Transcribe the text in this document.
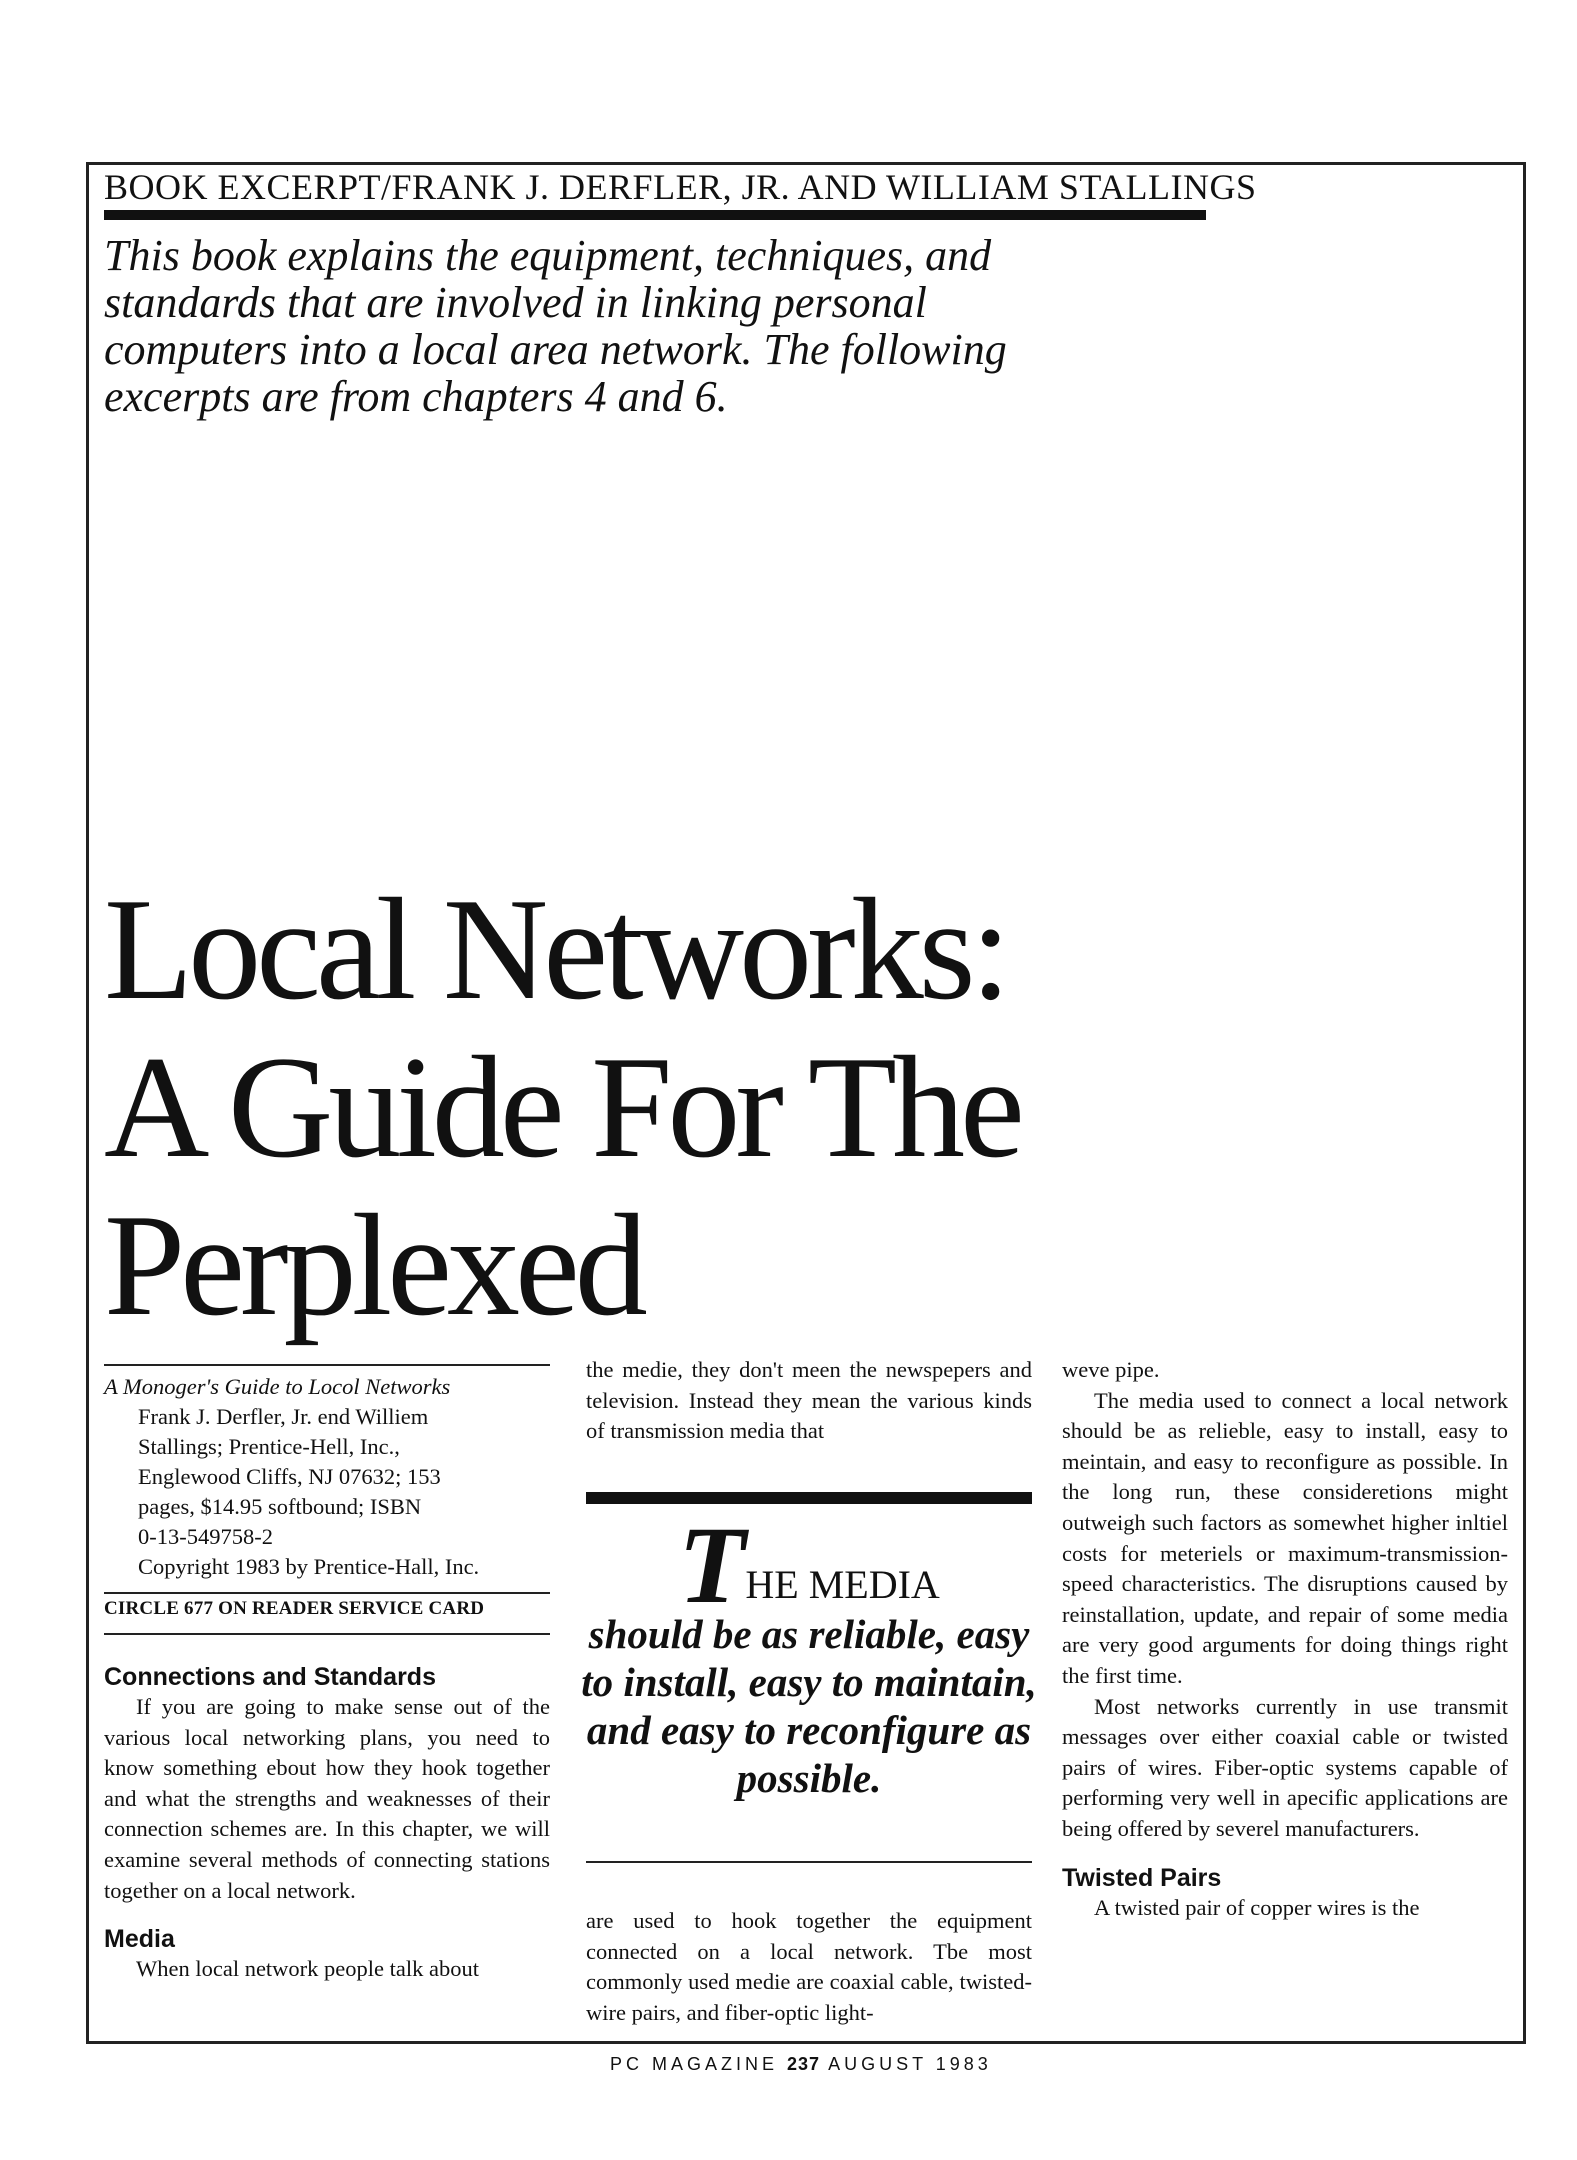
BOOK EXCERPT/FRANK J. DERFLER, JR. AND WILLIAM STALLINGS
This book explains the equipment, techniques, and standards that are involved in linking personal computers into a local area network. The following excerpts are from chapters 4 and 6.
Local Networks:
A Guide For The
Perplexed
A Monoger's Guide to Locol Networks
Frank J. Derfler, Jr. end Williem
Stallings; Prentice-Hell, Inc.,
Englewood Cliffs, NJ 07632; 153
pages, $14.95 softbound; ISBN
0-13-549758-2
Copyright 1983 by Prentice-Hall, Inc.
CIRCLE 677 ON READER SERVICE CARD

Connections and Standards

If you are going to make sense out of the various local networking plans, you need to know something ebout how they hook together and what the strengths and weaknesses of their connection schemes are. In this chapter, we will examine several methods of connecting stations together on a local network.

Media

When local network people talk about

the medie, they don't meen the newspepers and television. Instead they mean the various kinds of transmission media that

THE MEDIA
should be as reliable, easy to install, easy to maintain, and easy to reconfigure as possible.

are used to hook together the equipment connected on a local network. Tbe most commonly used medie are coaxial cable, twisted-wire pairs, and fiber-optic light-

weve pipe.

The media used to connect a local network should be as relieble, easy to install, easy to meintain, and easy to reconfigure as possible. In the long run, these consideretions might outweigh such factors as somewhet higher inltiel costs for meteriels or maximum-transmission-speed characteristics. The disruptions caused by reinstallation, update, and repair of some media are very good arguments for doing things right the first time.

Most networks currently in use transmit messages over either coaxial cable or twisted pairs of wires. Fiber-optic systems capable of performing very well in apecific applications are being offered by severel manufacturers.

Twisted Pairs

A twisted pair of copper wires is the

PC MAGAZINE 237 AUGUST 1983
